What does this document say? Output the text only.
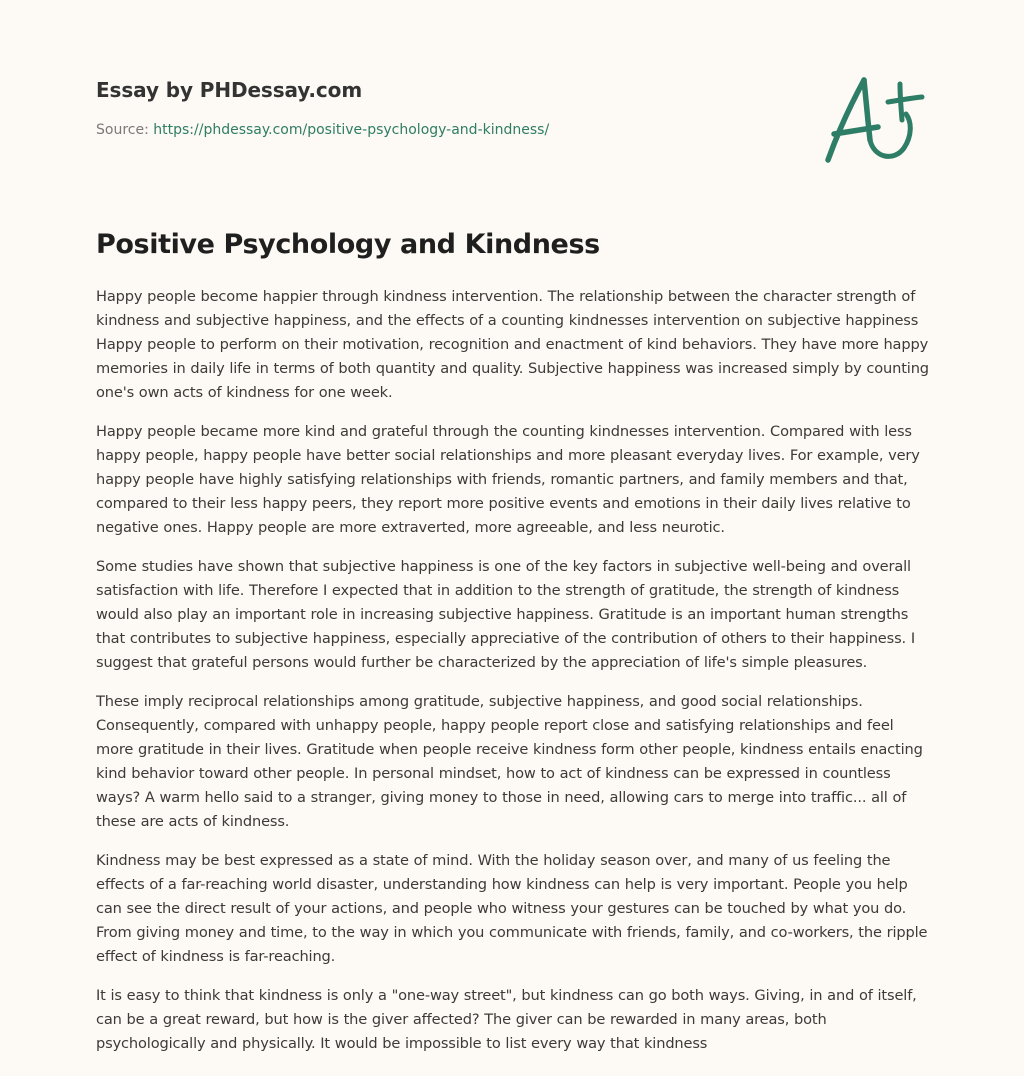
Essay by PHDessay.com
Source: https://phdessay.com/positive-psychology-and-kindness/
Positive Psychology and Kindness

Happy people become happier through kindness intervention. The relationship between the character strength of kindness and subjective happiness, and the effects of a counting kindnesses intervention on subjective happiness Happy people to perform on their motivation, recognition and enactment of kind behaviors. They have more happy memories in daily life in terms of both quantity and quality. Subjective happiness was increased simply by counting one's own acts of kindness for one week.

Happy people became more kind and grateful through the counting kindnesses intervention. Compared with less happy people, happy people have better social relationships and more pleasant everyday lives. For example, very happy people have highly satisfying relationships with friends, romantic partners, and family members and that, compared to their less happy peers, they report more positive events and emotions in their daily lives relative to negative ones. Happy people are more extraverted, more agreeable, and less neurotic.

Some studies have shown that subjective happiness is one of the key factors in subjective well-being and overall satisfaction with life. Therefore I expected that in addition to the strength of gratitude, the strength of kindness would also play an important role in increasing subjective happiness. Gratitude is an important human strengths that contributes to subjective happiness, especially appreciative of the contribution of others to their happiness. I suggest that grateful persons would further be characterized by the appreciation of life's simple pleasures.

These imply reciprocal relationships among gratitude, subjective happiness, and good social relationships. Consequently, compared with unhappy people, happy people report close and satisfying relationships and feel more gratitude in their lives. Gratitude when people receive kindness form other people, kindness entails enacting kind behavior toward other people. In personal mindset, how to act of kindness can be expressed in countless ways? A warm hello said to a stranger, giving money to those in need, allowing cars to merge into traffic... all of these are acts of kindness.

Kindness may be best expressed as a state of mind. With the holiday season over, and many of us feeling the effects of a far-reaching world disaster, understanding how kindness can help is very important. People you help can see the direct result of your actions, and people who witness your gestures can be touched by what you do. From giving money and time, to the way in which you communicate with friends, family, and co-workers, the ripple effect of kindness is far-reaching.

It is easy to think that kindness is only a "one-way street", but kindness can go both ways. Giving, in and of itself, can be a great reward, but how is the giver affected? The giver can be rewarded in many areas, both psychologically and physically. It would be impossible to list every way that kindness
